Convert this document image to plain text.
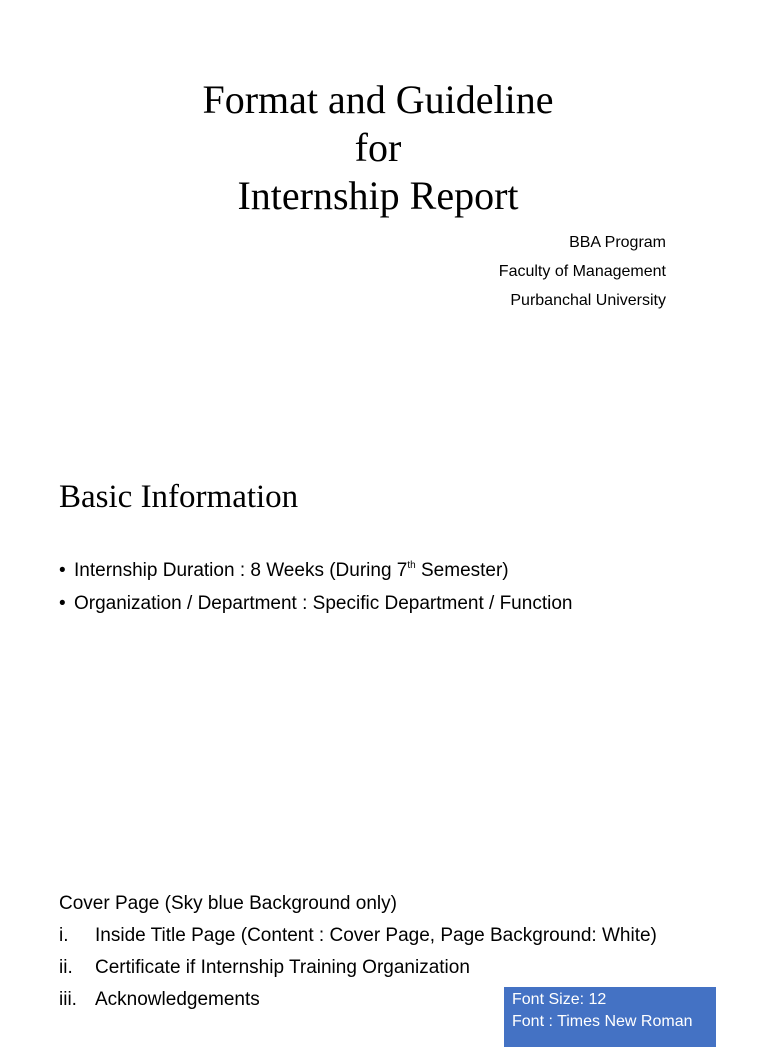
Format and Guideline
for
Internship Report
BBA Program
Faculty of Management
Purbanchal University
Basic Information
• Internship Duration : 8 Weeks (During 7th Semester)
• Organization / Department : Specific Department / Function
Cover Page (Sky blue Background only)
i. Inside Title Page (Content : Cover Page, Page Background: White)
ii. Certificate if Internship Training Organization
iii. Acknowledgements	Font Size: 12
Font : Times New Roman
